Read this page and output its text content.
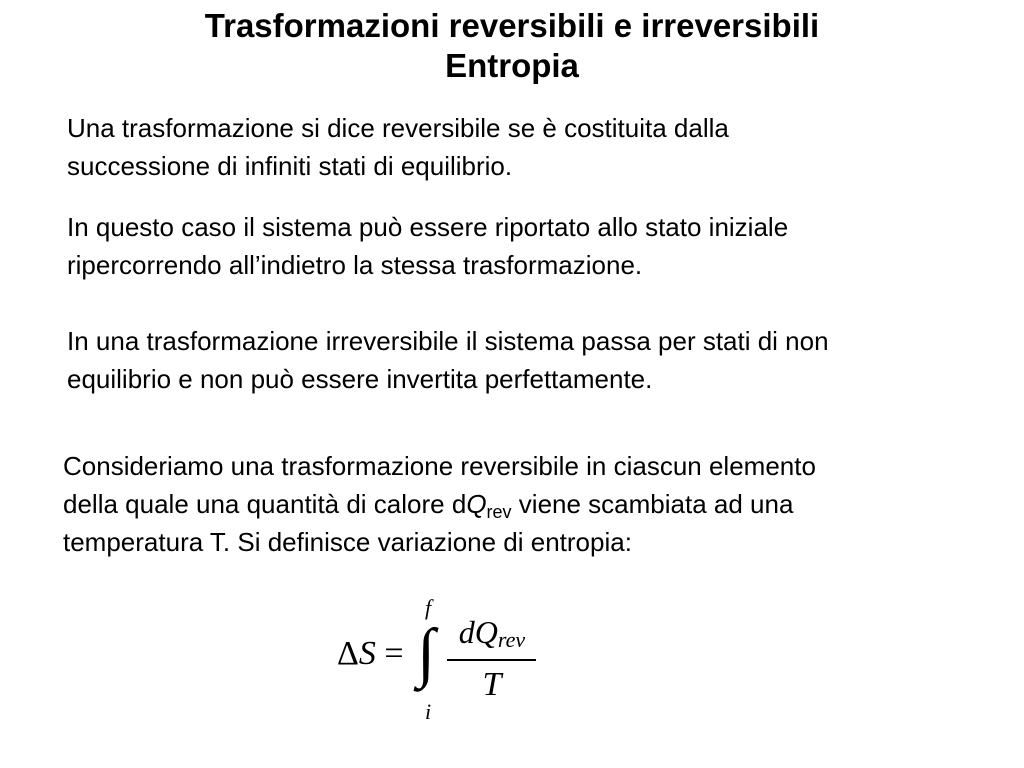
Trasformazioni reversibili e irreversibili
Entropia
Una trasformazione si dice reversibile se è costituita dalla
successione di infiniti stati di equilibrio.
In questo caso il sistema può essere riportato allo stato iniziale
ripercorrendo all’indietro la stessa trasformazione.
In una trasformazione irreversibile il sistema passa per stati di non
equilibrio e non può essere invertita perfettamente.
Consideriamo una trasformazione reversibile in ciascun elemento
della quale una quantità di calore $dQ_{rev}$ viene scambiata ad una
temperatura T. Si definisce variazione di entropia:
ΔS =
f
∫
i
$dQ_{rev}$
T
